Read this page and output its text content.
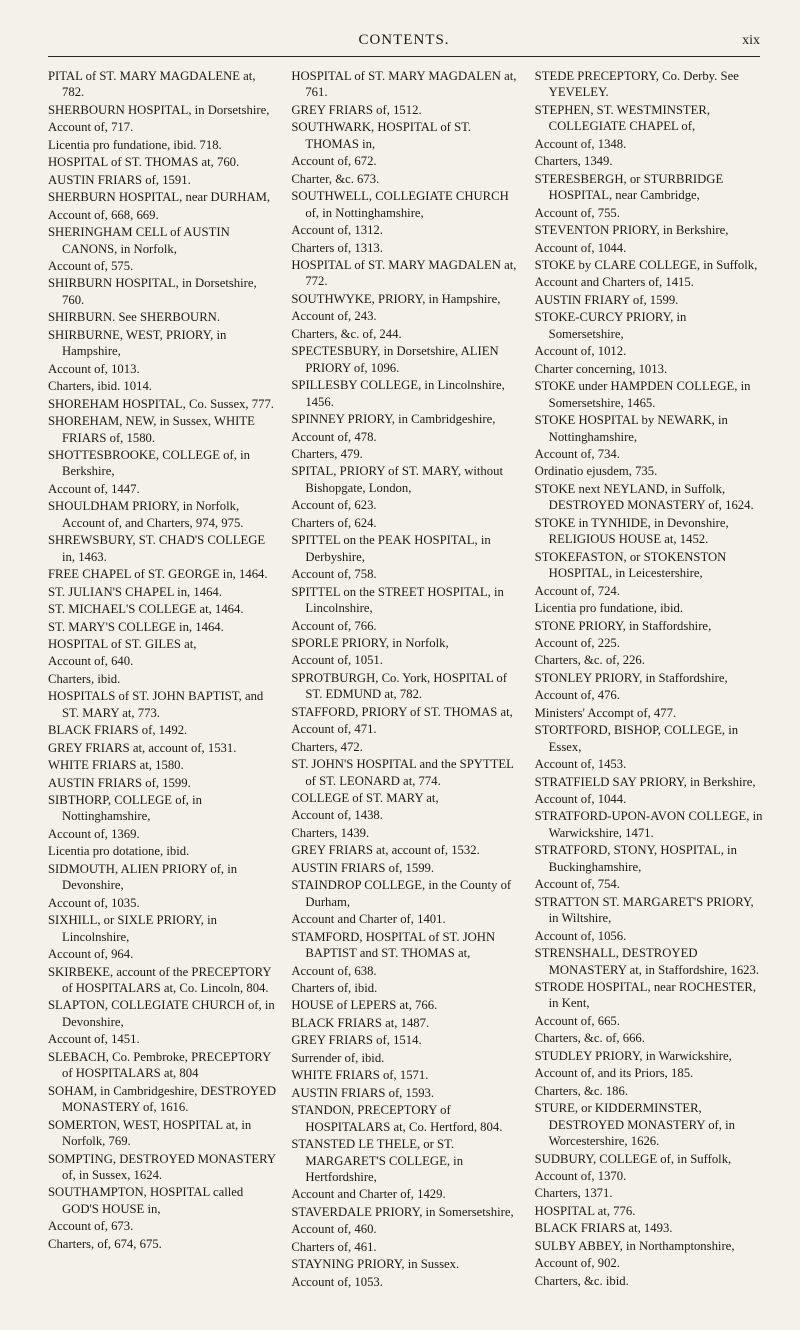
CONTENTS.	xix
PITAL of ST. MARY MAGDALENE at, 782.
SHERBOURN HOSPITAL, in Dorsetshire,
Account of, 717.
Licentia pro fundatione, ibid. 718.
HOSPITAL of ST. THOMAS at, 760.
AUSTIN FRIARS of, 1591.
SHERBURN HOSPITAL, near DURHAM,
Account of, 668, 669.
SHERINGHAM CELL of AUSTIN CANONS, in Norfolk,
Account of, 575.
SHIRBURN HOSPITAL, in Dorsetshire, 760.
SHIRBURN. See SHERBOURN.
SHIRBURNE, WEST, PRIORY, in Hampshire,
Account of, 1013.
Charters, ibid. 1014.
SHOREHAM HOSPITAL, Co. Sussex, 777.
SHOREHAM, NEW, in Sussex, WHITE FRIARS of, 1580.
SHOTTESBROOKE, COLLEGE of, in Berkshire,
Account of, 1447.
SHOULDHAM PRIORY, in Norfolk, Account of, and Charters, 974, 975.
SHREWSBURY, ST. CHAD'S COLLEGE in, 1463.
FREE CHAPEL of ST. GEORGE in, 1464.
ST. JULIAN'S CHAPEL in, 1464.
ST. MICHAEL'S COLLEGE at, 1464.
ST. MARY'S COLLEGE in, 1464.
HOSPITAL of ST. GILES at,
Account of, 640.
Charters, ibid.
HOSPITALS of ST. JOHN BAPTIST, and ST. MARY at, 773.
BLACK FRIARS of, 1492.
GREY FRIARS at, account of, 1531.
WHITE FRIARS at, 1580.
AUSTIN FRIARS of, 1599.
SIBTHORP, COLLEGE of, in Nottinghamshire,
Account of, 1369.
Licentia pro dotatione, ibid.
SIDMOUTH, ALIEN PRIORY of, in Devonshire,
Account of, 1035.
SIXHILL, or SIXLE PRIORY, in Lincolnshire,
Account of, 964.
SKIRBEKE, account of the PRECEPTORY of HOSPITALARS at, Co. Lincoln, 804.
SLAPTON, COLLEGIATE CHURCH of, in Devonshire,
Account of, 1451.
SLEBACH, Co. Pembroke, PRECEPTORY of HOSPITALARS at, 804
SOHAM, in Cambridgeshire, DESTROYED MONASTERY of, 1616.
SOMERTON, WEST, HOSPITAL at, in Norfolk, 769.
SOMPTING, DESTROYED MONASTERY of, in Sussex, 1624.
SOUTHAMPTON, HOSPITAL called GOD'S HOUSE in,
Account of, 673.
Charters, of, 674, 675.
HOSPITAL of ST. MARY MAGDALEN at, 761.
GREY FRIARS of, 1512.
SOUTHWARK, HOSPITAL of ST. THOMAS in,
Account of, 672.
Charter, &c. 673.
SOUTHWELL, COLLEGIATE CHURCH of, in Nottinghamshire,
Account of, 1312.
Charters of, 1313.
HOSPITAL of ST. MARY MAGDALEN at, 772.
SOUTHWYKE, PRIORY, in Hampshire,
Account of, 243.
Charters, &c. of, 244.
SPECTESBURY, in Dorsetshire, ALIEN PRIORY of, 1096.
SPILLESBY COLLEGE, in Lincolnshire, 1456.
SPINNEY PRIORY, in Cambridgeshire,
Account of, 478.
Charters, 479.
SPITAL, PRIORY of ST. MARY, without Bishopgate, London,
Account of, 623.
Charters of, 624.
SPITTEL on the PEAK HOSPITAL, in Derbyshire,
Account of, 758.
SPITTEL on the STREET HOSPITAL, in Lincolnshire,
Account of, 766.
SPORLE PRIORY, in Norfolk,
Account of, 1051.
SPROTBURGH, Co. York, HOSPITAL of ST. EDMUND at, 782.
STAFFORD, PRIORY of ST. THOMAS at,
Account of, 471.
Charters, 472.
ST. JOHN'S HOSPITAL and the SPYTTEL of ST. LEONARD at, 774.
COLLEGE of ST. MARY at,
Account of, 1438.
Charters, 1439.
GREY FRIARS at, account of, 1532.
AUSTIN FRIARS of, 1599.
STAINDROP COLLEGE, in the County of Durham,
Account and Charter of, 1401.
STAMFORD, HOSPITAL of ST. JOHN BAPTIST and ST. THOMAS at,
Account of, 638.
Charters of, ibid.
HOUSE of LEPERS at, 766.
BLACK FRIARS at, 1487.
GREY FRIARS of, 1514.
Surrender of, ibid.
WHITE FRIARS of, 1571.
AUSTIN FRIARS of, 1593.
STANDON, PRECEPTORY of HOSPITALARS at, Co. Hertford, 804.
STANSTED LE THELE, or ST. MARGARET'S COLLEGE, in Hertfordshire,
Account and Charter of, 1429.
STAVERDALE PRIORY, in Somersetshire,
Account of, 460.
Charters of, 461.
STAYNING PRIORY, in Sussex.
Account of, 1053.
STEDE PRECEPTORY, Co. Derby. See YEVELEY.
STEPHEN, ST. WESTMINSTER, COLLEGIATE CHAPEL of,
Account of, 1348.
Charters, 1349.
STERESBERGH, or STURBRIDGE HOSPITAL, near Cambridge,
Account of, 755.
STEVENTON PRIORY, in Berkshire,
Account of, 1044.
STOKE by CLARE COLLEGE, in Suffolk,
Account and Charters of, 1415.
AUSTIN FRIARY of, 1599.
STOKE-CURCY PRIORY, in Somersetshire,
Account of, 1012.
Charter concerning, 1013.
STOKE under HAMPDEN COLLEGE, in Somersetshire, 1465.
STOKE HOSPITAL by NEWARK, in Nottinghamshire,
Account of, 734.
Ordinatio ejusdem, 735.
STOKE next NEYLAND, in Suffolk, DESTROYED MONASTERY of, 1624.
STOKE in TYNHIDE, in Devonshire, RELIGIOUS HOUSE at, 1452.
STOKEFASTON, or STOKENSTON HOSPITAL, in Leicestershire,
Account of, 724.
Licentia pro fundatione, ibid.
STONE PRIORY, in Staffordshire,
Account of, 225.
Charters, &c. of, 226.
STONLEY PRIORY, in Staffordshire,
Account of, 476.
Ministers' Accompt of, 477.
STORTFORD, BISHOP, COLLEGE, in Essex,
Account of, 1453.
STRATFIELD SAY PRIORY, in Berkshire,
Account of, 1044.
STRATFORD-UPON-AVON COLLEGE, in Warwickshire, 1471.
STRATFORD, STONY, HOSPITAL, in Buckinghamshire,
Account of, 754.
STRATTON ST. MARGARET'S PRIORY, in Wiltshire,
Account of, 1056.
STRENSHALL, DESTROYED MONASTERY at, in Staffordshire, 1623.
STRODE HOSPITAL, near ROCHESTER, in Kent,
Account of, 665.
Charters, &c. of, 666.
STUDLEY PRIORY, in Warwickshire,
Account of, and its Priors, 185.
Charters, &c. 186.
STURE, or KIDDERMINSTER, DESTROYED MONASTERY of, in Worcestershire, 1626.
SUDBURY, COLLEGE of, in Suffolk,
Account of, 1370.
Charters, 1371.
HOSPITAL at, 776.
BLACK FRIARS at, 1493.
SULBY ABBEY, in Northamptonshire,
Account of, 902.
Charters, &c. ibid.
